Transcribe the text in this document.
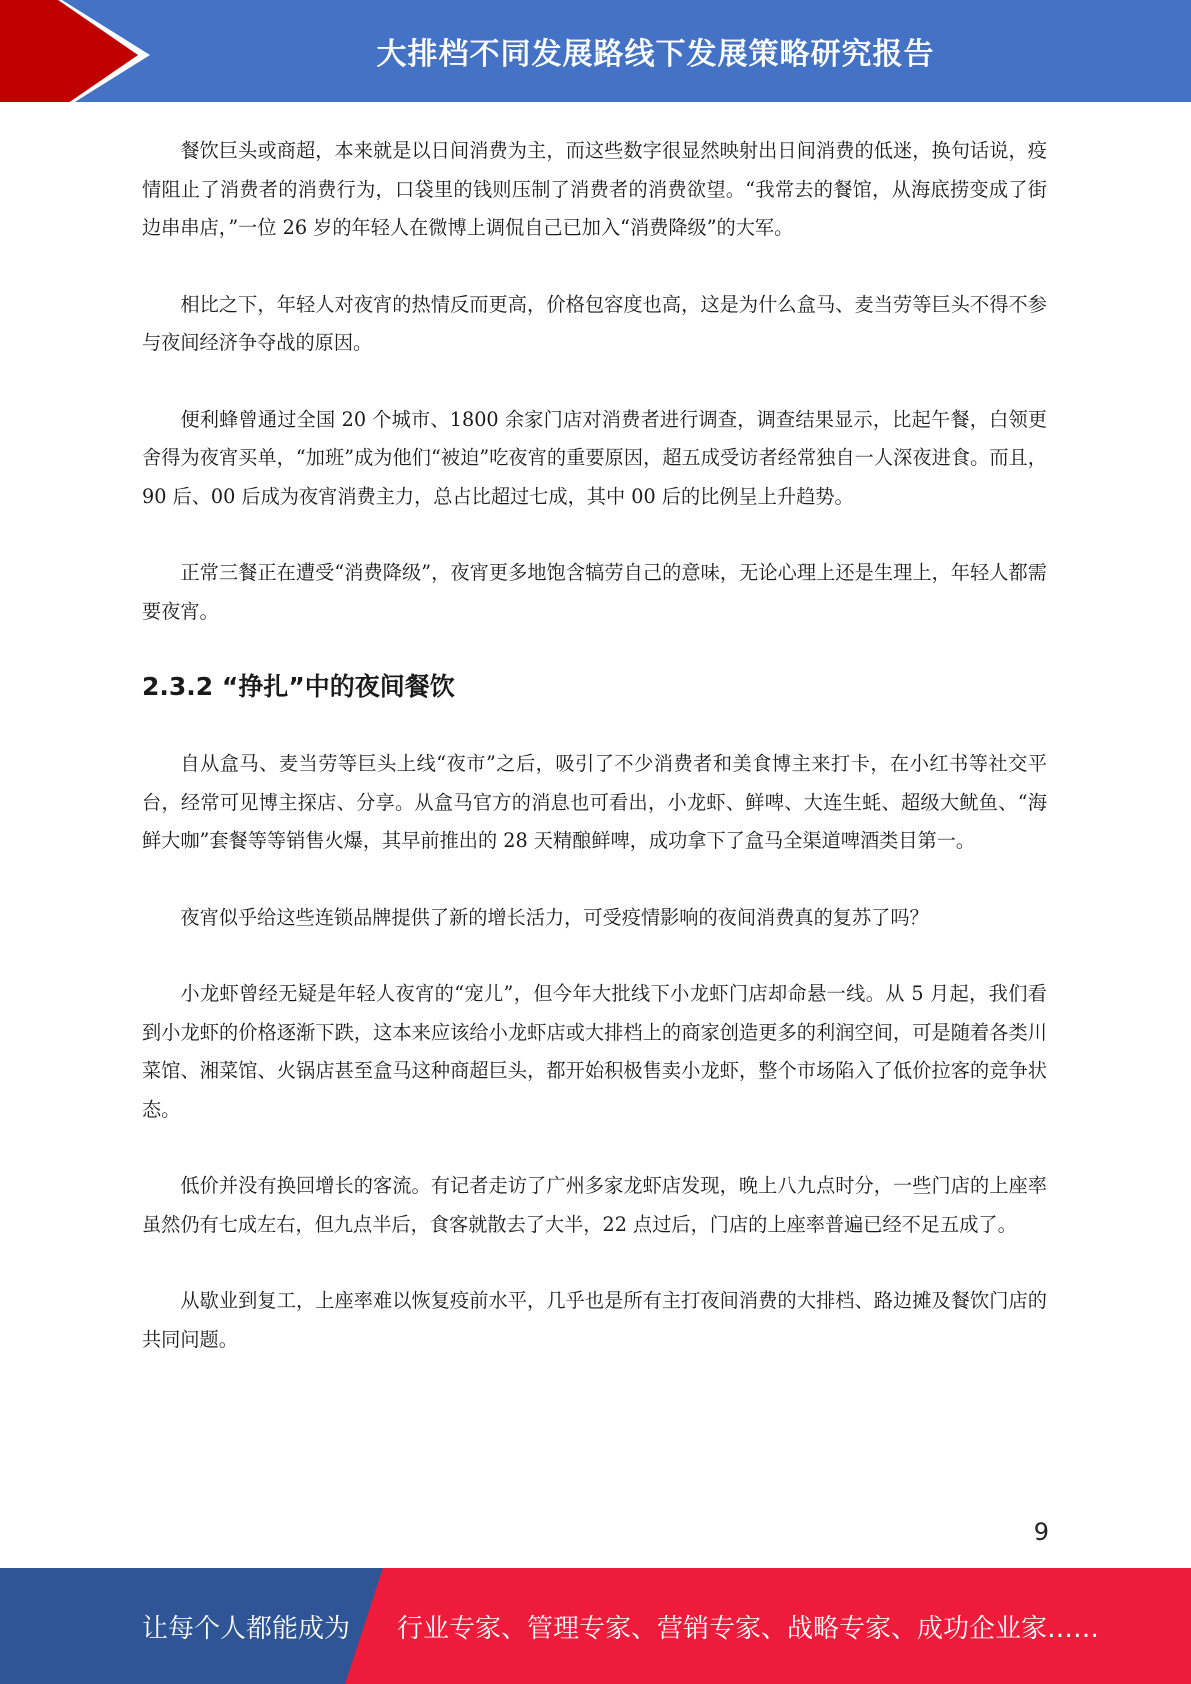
大排档不同发展路线下发展策略研究报告

餐饮巨头或商超，本来就是以日间消费为主，而这些数字很显然映射出日间消费的低迷，换句话说，疫情阻止了消费者的消费行为，口袋里的钱则压制了消费者的消费欲望。“我常去的餐馆，从海底捞变成了街边串串店，”一位 26 岁的年轻人在微博上调侃自己已加入“消费降级”的大军。

相比之下，年轻人对夜宵的热情反而更高，价格包容度也高，这是为什么盒马、麦当劳等巨头不得不参与夜间经济争夺战的原因。

便利蜂曾通过全国 20 个城市、1800 余家门店对消费者进行调查，调查结果显示，比起午餐，白领更舍得为夜宵买单，“加班”成为他们“被迫”吃夜宵的重要原因，超五成受访者经常独自一人深夜进食。而且，90 后、00 后成为夜宵消费主力，总占比超过七成，其中 00 后的比例呈上升趋势。

正常三餐正在遭受“消费降级”，夜宵更多地饱含犒劳自己的意味，无论心理上还是生理上，年轻人都需要夜宵。

2.3.2 “挣扎”中的夜间餐饮

自从盒马、麦当劳等巨头上线“夜市”之后，吸引了不少消费者和美食博主来打卡，在小红书等社交平台，经常可见博主探店、分享。从盒马官方的消息也可看出，小龙虾、鲜啤、大连生蚝、超级大鱿鱼、“海鲜大咖”套餐等等销售火爆，其早前推出的 28 天精酿鲜啤，成功拿下了盒马全渠道啤酒类目第一。

夜宵似乎给这些连锁品牌提供了新的增长活力，可受疫情影响的夜间消费真的复苏了吗？

小龙虾曾经无疑是年轻人夜宵的“宠儿”，但今年大批线下小龙虾门店却命悬一线。从 5 月起，我们看到小龙虾的价格逐渐下跌，这本来应该给小龙虾店或大排档上的商家创造更多的利润空间，可是随着各类川菜馆、湘菜馆、火锅店甚至盒马这种商超巨头，都开始积极售卖小龙虾，整个市场陷入了低价拉客的竞争状态。

低价并没有换回增长的客流。有记者走访了广州多家龙虾店发现，晚上八九点时分，一些门店的上座率虽然仍有七成左右，但九点半后，食客就散去了大半，22 点过后，门店的上座率普遍已经不足五成了。

从歇业到复工，上座率难以恢复疫前水平，几乎也是所有主打夜间消费的大排档、路边摊及餐饮门店的共同问题。

9
让每个人都能成为 行业专家、管理专家、营销专家、战略专家、成功企业家……
